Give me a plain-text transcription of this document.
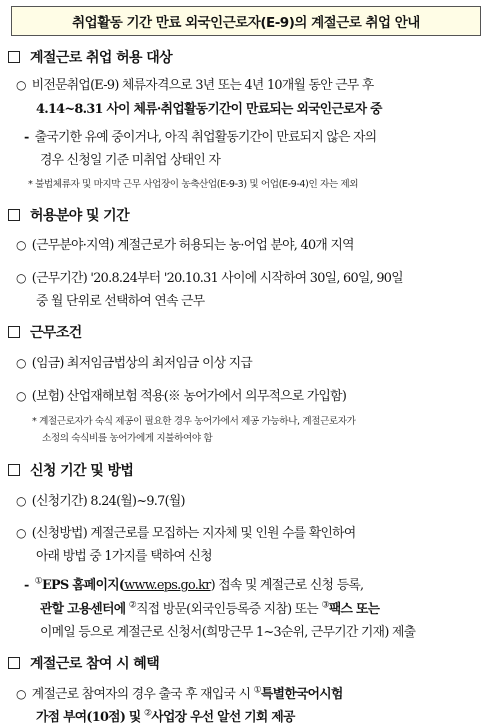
취업활동 기간 만료 외국인근로자(E-9)의 계절근로 취업 안내
계절근로 취업 허용 대상
○ 비전문취업(E-9) 체류자격으로 3년 또는 4년 10개월 동안 근무 후
4.14~8.31 사이 체류·취업활동기간이 만료되는 외국인근로자 중
- 출국기한 유예 중이거나, 아직 취업활동기간이 만료되지 않은 자의
경우 신청일 기준 미취업 상태인 자
* 불법체류자 및 마지막 근무 사업장이 농축산업(E-9-3) 및 어업(E-9-4)인 자는 제외
허용분야 및 기간
○ (근무분야·지역) 계절근로가 허용되는 농·어업 분야, 40개 지역
○ (근무기간) '20.8.24부터 '20.10.31 사이에 시작하여 30일, 60일, 90일
중 월 단위로 선택하여 연속 근무
근무조건
○ (임금) 최저임금법상의 최저임금 이상 지급
○ (보험) 산업재해보험 적용(※ 농어가에서 의무적으로 가입함)
* 계절근로자가 숙식 제공이 필요한 경우 농어가에서 제공 가능하나, 계절근로자가
소정의 숙식비를 농어가에게 지불하여야 함
신청 기간 및 방법
○ (신청기간) 8.24(월)~9.7(월)
○ (신청방법) 계절근로를 모집하는 지자체 및 인원 수를 확인하여
아래 방법 중 1가지를 택하여 신청
- ①EPS 홈페이지(www.eps.go.kr) 접속 및 계절근로 신청 등록,
관할 고용센터에 ②직접 방문(외국인등록증 지참) 또는 ③팩스 또는
이메일 등으로 계절근로 신청서(희망근무 1~3순위, 근무기간 기재) 제출
계절근로 참여 시 혜택
○ 계절근로 참여자의 경우 출국 후 재입국 시 ①특별한국어시험
가점 부여(10점) 및 ②사업장 우선 알선 기회 제공
